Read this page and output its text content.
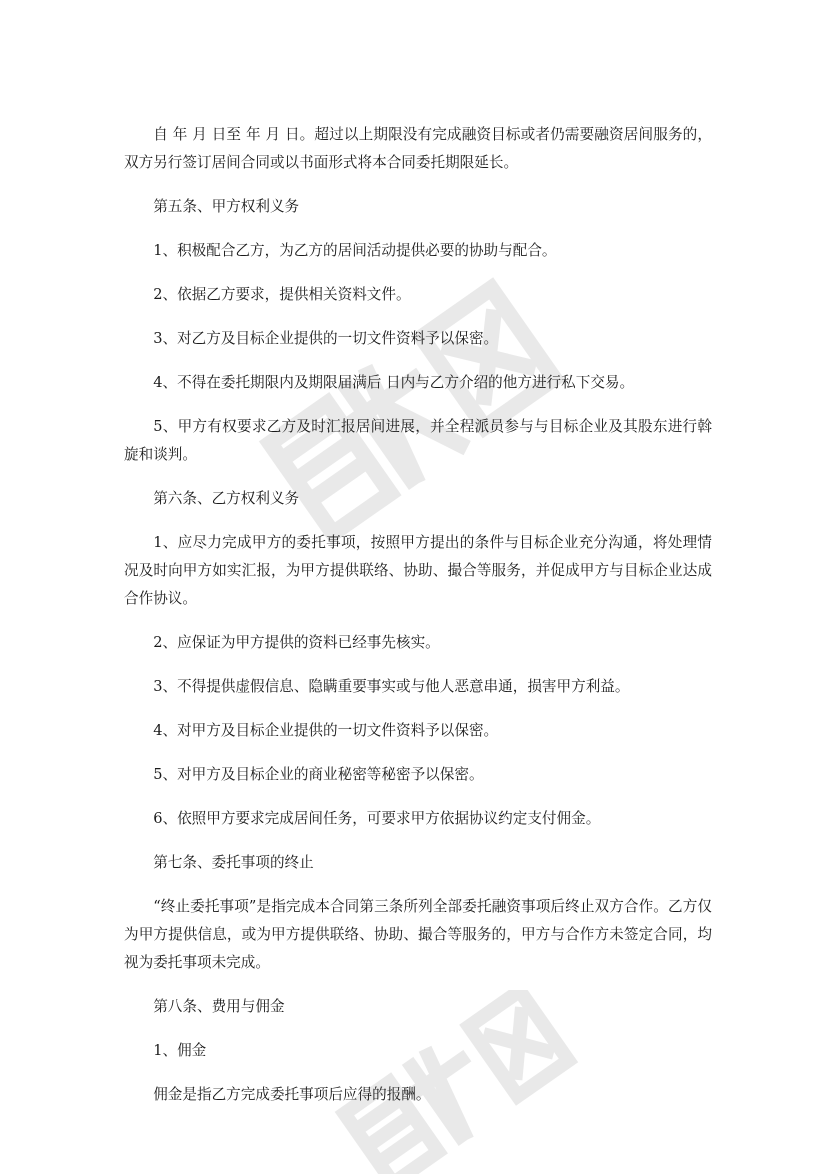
自 年 月 日至 年 月 日。超过以上期限没有完成融资目标或者仍需要融资居间服务的，双方另行签订居间合同或以书面形式将本合同委托期限延长。

第五条、甲方权利义务

1、积极配合乙方，为乙方的居间活动提供必要的协助与配合。

2、依据乙方要求，提供相关资料文件。

3、对乙方及目标企业提供的一切文件资料予以保密。

4、不得在委托期限内及期限届满后 日内与乙方介绍的他方进行私下交易。

5、甲方有权要求乙方及时汇报居间进展，并全程派员参与与目标企业及其股东进行斡旋和谈判。

第六条、乙方权利义务

1、应尽力完成甲方的委托事项，按照甲方提出的条件与目标企业充分沟通，将处理情况及时向甲方如实汇报，为甲方提供联络、协助、撮合等服务，并促成甲方与目标企业达成合作协议。

2、应保证为甲方提供的资料已经事先核实。

3、不得提供虚假信息、隐瞒重要事实或与他人恶意串通，损害甲方利益。

4、对甲方及目标企业提供的一切文件资料予以保密。

5、对甲方及目标企业的商业秘密等秘密予以保密。

6、依照甲方要求完成居间任务，可要求甲方依据协议约定支付佣金。

第七条、委托事项的终止

“终止委托事项”是指完成本合同第三条所列全部委托融资事项后终止双方合作。乙方仅为甲方提供信息，或为甲方提供联络、协助、撮合等服务的，甲方与合作方未签定合同，均视为委托事项未完成。

第八条、费用与佣金

1、佣金

佣金是指乙方完成委托事项后应得的报酬。
